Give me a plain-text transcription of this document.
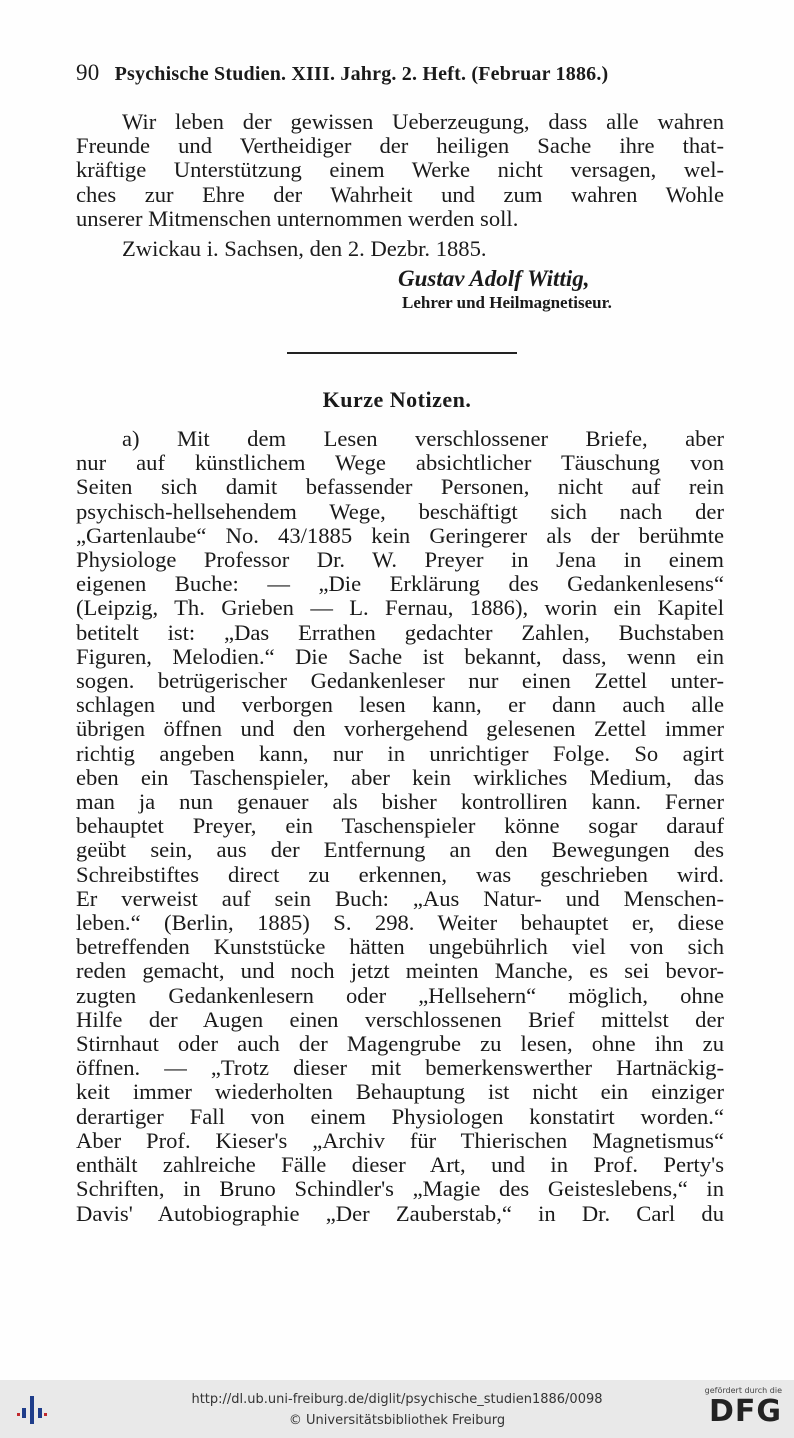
90 Psychische Studien. XIII. Jahrg. 2. Heft. (Februar 1886.)
Wir leben der gewissen Ueberzeugung, dass alle wahren
Freunde und Vertheidiger der heiligen Sache ihre that-
kräftige Unterstützung einem Werke nicht versagen, wel-
ches zur Ehre der Wahrheit und zum wahren Wohle
unserer Mitmenschen unternommen werden soll.
Zwickau i. Sachsen, den 2. Dezbr. 1885.
Gustav Adolf Wittig,
Lehrer und Heilmagnetiseur.
Kurze Notizen.
a) Mit dem Lesen verschlossener Briefe, aber
nur auf künstlichem Wege absichtlicher Täuschung von
Seiten sich damit befassender Personen, nicht auf rein
psychisch-hellsehendem Wege, beschäftigt sich nach der
„Gartenlaube“ No. 43/1885 kein Geringerer als der berühmte
Physiologe Professor Dr. W. Preyer in Jena in einem
eigenen Buche: — „Die Erklärung des Gedankenlesens“
(Leipzig, Th. Grieben — L. Fernau, 1886), worin ein Kapitel
betitelt ist: „Das Errathen gedachter Zahlen, Buchstaben
Figuren, Melodien.“ Die Sache ist bekannt, dass, wenn ein
sogen. betrügerischer Gedankenleser nur einen Zettel unter-
schlagen und verborgen lesen kann, er dann auch alle
übrigen öffnen und den vorhergehend gelesenen Zettel immer
richtig angeben kann, nur in unrichtiger Folge. So agirt
eben ein Taschenspieler, aber kein wirkliches Medium, das
man ja nun genauer als bisher kontrolliren kann. Ferner
behauptet Preyer, ein Taschenspieler könne sogar darauf
geübt sein, aus der Entfernung an den Bewegungen des
Schreibstiftes direct zu erkennen, was geschrieben wird.
Er verweist auf sein Buch: „Aus Natur- und Menschen-
leben.“ (Berlin, 1885) S. 298. Weiter behauptet er, diese
betreffenden Kunststücke hätten ungebührlich viel von sich
reden gemacht, und noch jetzt meinten Manche, es sei bevor-
zugten Gedankenlesern oder „Hellsehern“ möglich, ohne
Hilfe der Augen einen verschlossenen Brief mittelst der
Stirnhaut oder auch der Magengrube zu lesen, ohne ihn zu
öffnen. — „Trotz dieser mit bemerkenswerther Hartnäckig-
keit immer wiederholten Behauptung ist nicht ein einziger
derartiger Fall von einem Physiologen konstatirt worden.“
Aber Prof. Kieser's „Archiv für Thierischen Magnetismus“
enthält zahlreiche Fälle dieser Art, und in Prof. Perty's
Schriften, in Bruno Schindler's „Magie des Geisteslebens,“ in
Davis' Autobiographie „Der Zauberstab,“ in Dr. Carl du
http://dl.ub.uni-freiburg.de/diglit/psychische_studien1886/0098
© Universitätsbibliothek Freiburg
gefördert durch die
DFG
